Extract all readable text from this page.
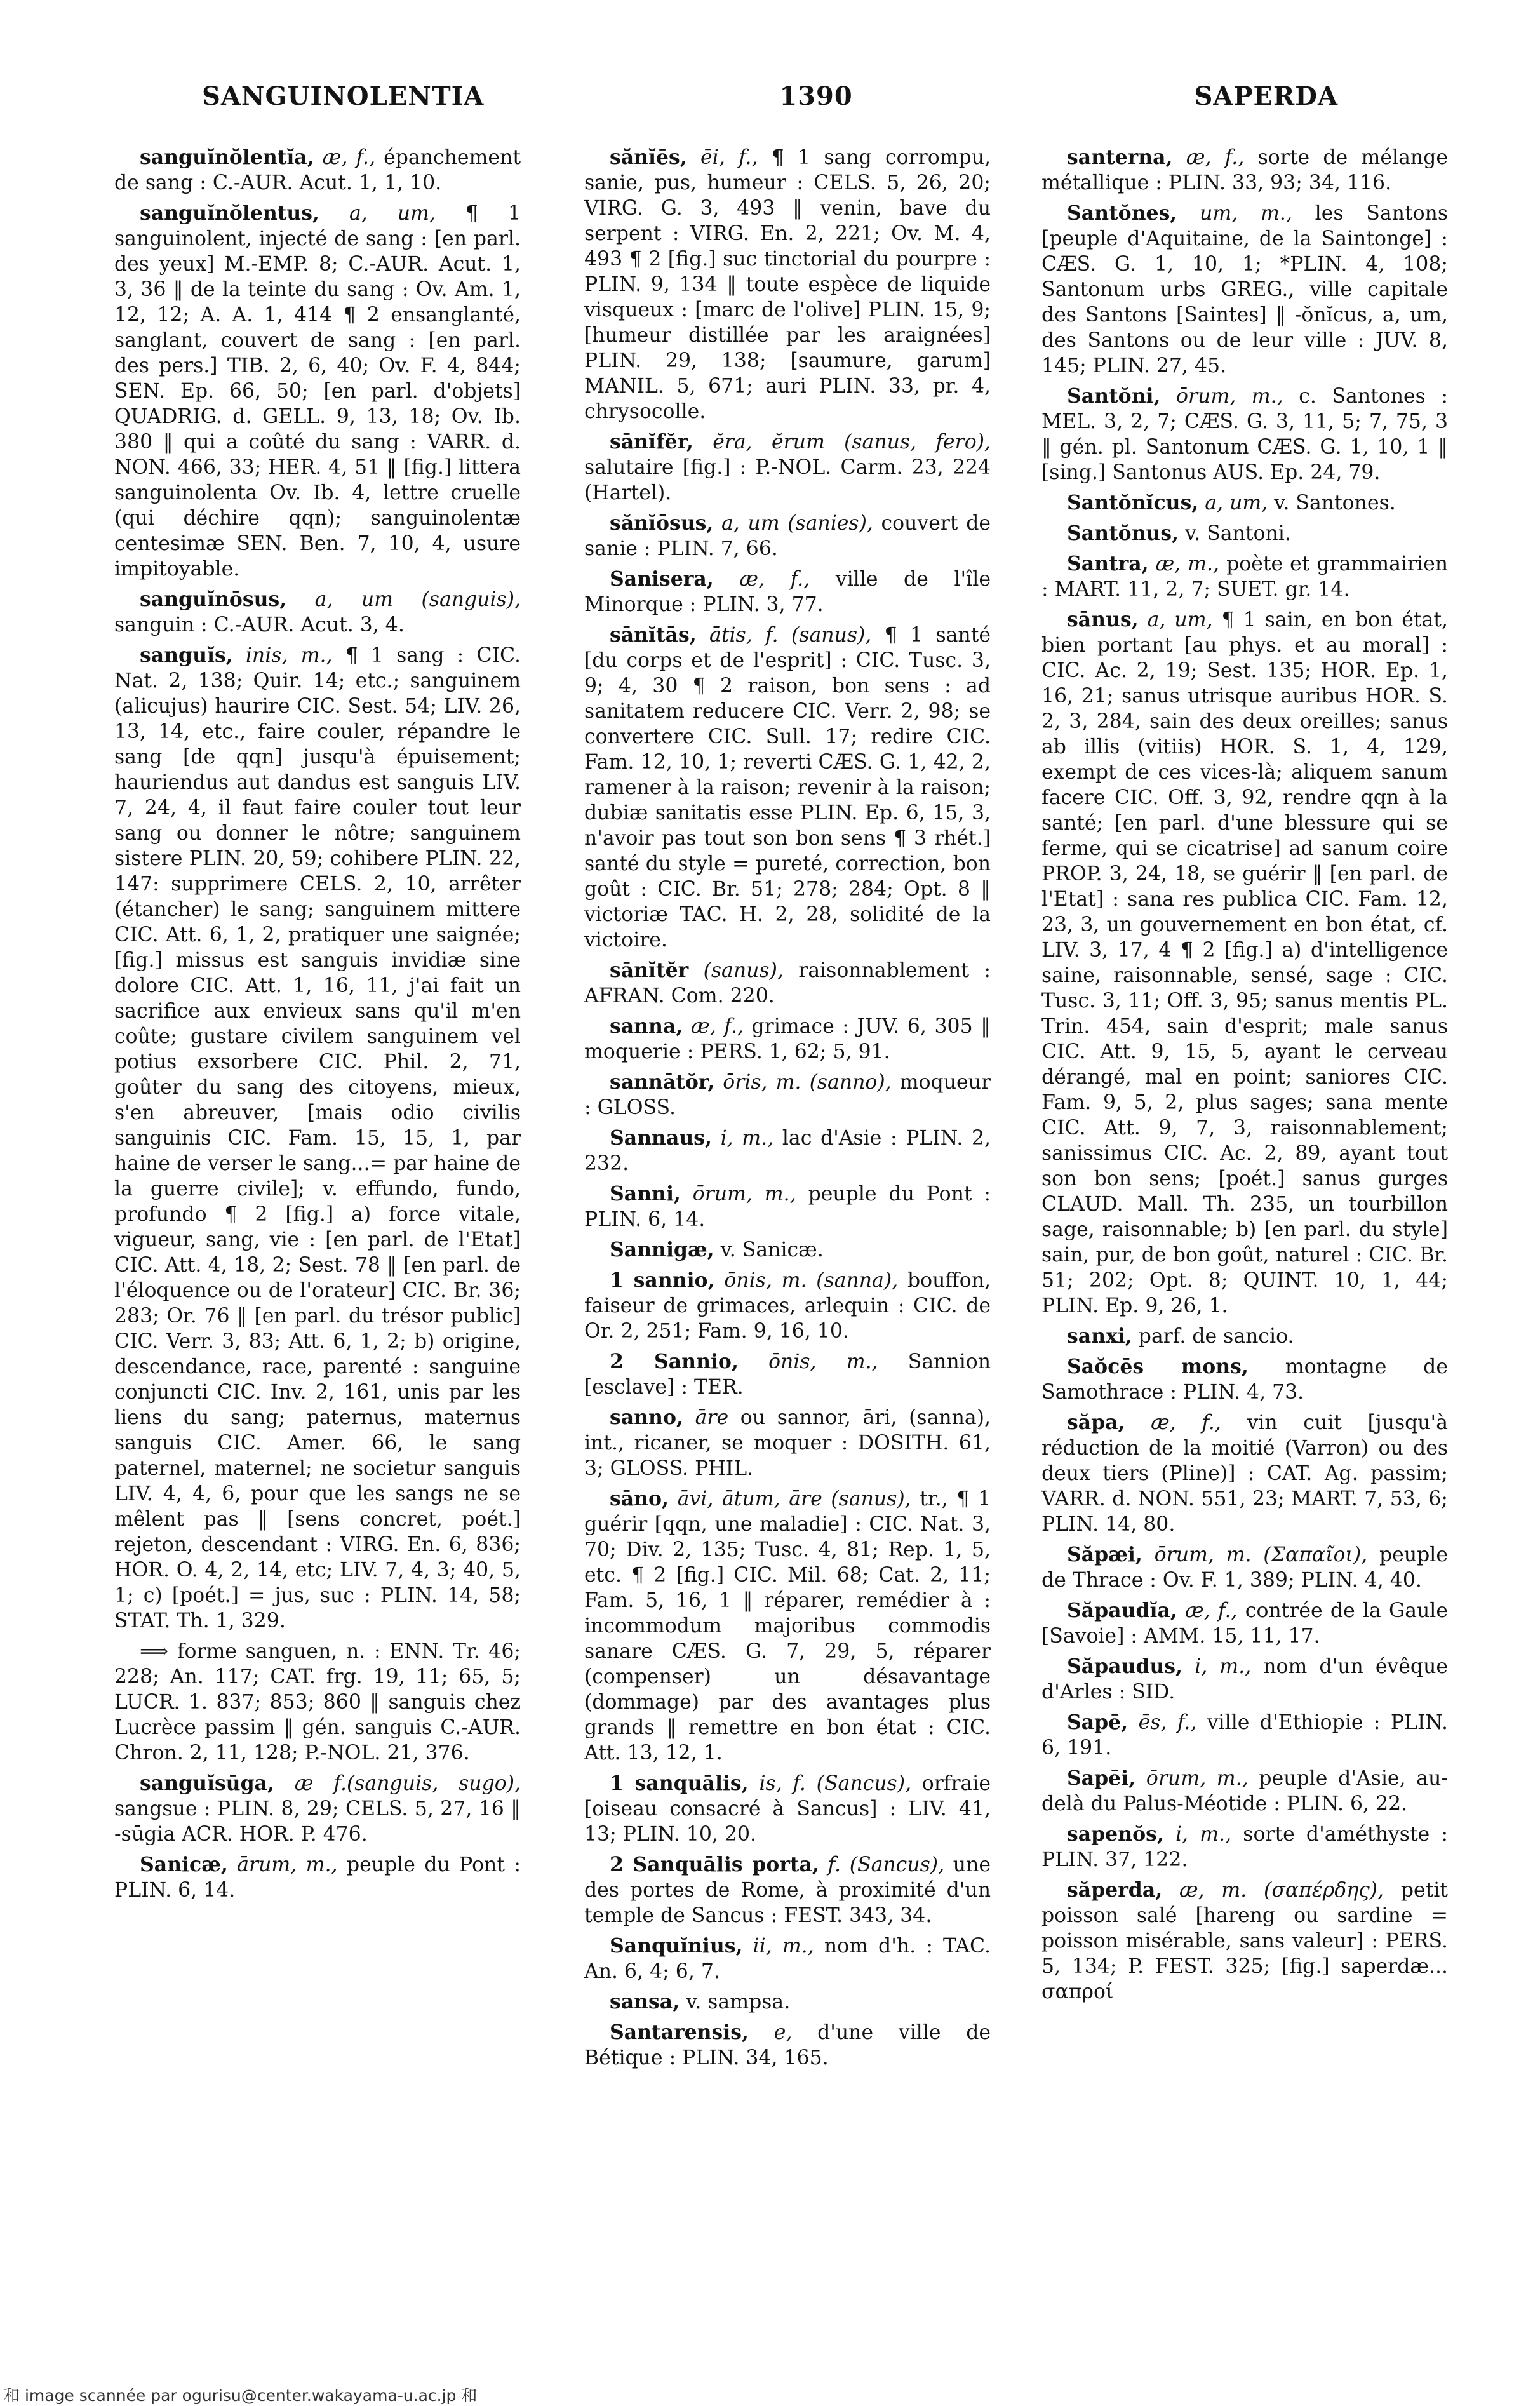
SANGUINOLENTIA	1390	SAPERDA

sanguĭnŏlentĭa, æ, f., épanchement de sang : C.-AUR. Acut. 1, 1, 10.

sanguĭnŏlentus, a, um, ¶ 1 sanguinolent, injecté de sang : [en parl. des yeux] M.-EMP. 8; C.-AUR. Acut. 1, 3, 36 ‖ de la teinte du sang : Ov. Am. 1, 12, 12; A. A. 1, 414 ¶ 2 ensanglanté, sanglant, couvert de sang : [en parl. des pers.] TIB. 2, 6, 40; Ov. F. 4, 844; SEN. Ep. 66, 50; [en parl. d'objets] QUADRIG. d. GELL. 9, 13, 18; Ov. Ib. 380 ‖ qui a coûté du sang : VARR. d. NON. 466, 33; HER. 4, 51 ‖ [fig.] littera sanguinolenta Ov. Ib. 4, lettre cruelle (qui déchire qqn); sanguinolentæ centesimæ SEN. Ben. 7, 10, 4, usure impitoyable.

sanguĭnōsus, a, um (sanguis), sanguin : C.-AUR. Acut. 3, 4.

sanguĭs, inis, m., ¶ 1 sang : CIC. Nat. 2, 138; Quir. 14; etc.; sanguinem (alicujus) haurire CIC. Sest. 54; LIV. 26, 13, 14, etc., faire couler, répandre le sang [de qqn] jusqu'à épuisement; hauriendus aut dandus est sanguis LIV. 7, 24, 4, il faut faire couler tout leur sang ou donner le nôtre; sanguinem sistere PLIN. 20, 59; cohibere PLIN. 22, 147: supprimere CELS. 2, 10, arrêter (étancher) le sang; sanguinem mittere CIC. Att. 6, 1, 2, pratiquer une saignée; [fig.] missus est sanguis invidiæ sine dolore CIC. Att. 1, 16, 11, j'ai fait un sacrifice aux envieux sans qu'il m'en coûte; gustare civilem sanguinem vel potius exsorbere CIC. Phil. 2, 71, goûter du sang des citoyens, mieux, s'en abreuver, [mais odio civilis sanguinis CIC. Fam. 15, 15, 1, par haine de verser le sang...= par haine de la guerre civile]; v. effundo, fundo, profundo ¶ 2 [fig.] a) force vitale, vigueur, sang, vie : [en parl. de l'Etat] CIC. Att. 4, 18, 2; Sest. 78 ‖ [en parl. de l'éloquence ou de l'orateur] CIC. Br. 36; 283; Or. 76 ‖ [en parl. du trésor public] CIC. Verr. 3, 83; Att. 6, 1, 2; b) origine, descendance, race, parenté : sanguine conjuncti CIC. Inv. 2, 161, unis par les liens du sang; paternus, maternus sanguis CIC. Amer. 66, le sang paternel, maternel; ne societur sanguis LIV. 4, 4, 6, pour que les sangs ne se mêlent pas ‖ [sens concret, poét.] rejeton, descendant : VIRG. En. 6, 836; HOR. O. 4, 2, 14, etc; LIV. 7, 4, 3; 40, 5, 1; c) [poét.] = jus, suc : PLIN. 14, 58; STAT. Th. 1, 329.

⟹ forme sanguen, n. : ENN. Tr. 46; 228; An. 117; CAT. frg. 19, 11; 65, 5; LUCR. 1. 837; 853; 860 ‖ sanguis chez Lucrèce passim ‖ gén. sanguis C.-AUR. Chron. 2, 11, 128; P.-NOL. 21, 376.

sanguĭsūga, æ f.(sanguis, sugo), sangsue : PLIN. 8, 29; CELS. 5, 27, 16 ‖ -sūgia ACR. HOR. P. 476.

Sanicæ, ārum, m., peuple du Pont : PLIN. 6, 14.

sănĭēs, ēi, f., ¶ 1 sang corrompu, sanie, pus, humeur : CELS. 5, 26, 20; VIRG. G. 3, 493 ‖ venin, bave du serpent : VIRG. En. 2, 221; Ov. M. 4, 493 ¶ 2 [fig.] suc tinctorial du pourpre : PLIN. 9, 134 ‖ toute espèce de liquide visqueux : [marc de l'olive] PLIN. 15, 9; [humeur distillée par les araignées] PLIN. 29, 138; [saumure, garum] MANIL. 5, 671; auri PLIN. 33, pr. 4, chrysocolle.

sānĭfĕr, ĕra, ĕrum (sanus, fero), salutaire [fig.] : P.-NOL. Carm. 23, 224 (Hartel).

sănĭōsus, a, um (sanies), couvert de sanie : PLIN. 7, 66.

Sanisera, æ, f., ville de l'île Minorque : PLIN. 3, 77.

sānĭtās, ātis, f. (sanus), ¶ 1 santé [du corps et de l'esprit] : CIC. Tusc. 3, 9; 4, 30 ¶ 2 raison, bon sens : ad sanitatem reducere CIC. Verr. 2, 98; se convertere CIC. Sull. 17; redire CIC. Fam. 12, 10, 1; reverti CÆS. G. 1, 42, 2, ramener à la raison; revenir à la raison; dubiæ sanitatis esse PLIN. Ep. 6, 15, 3, n'avoir pas tout son bon sens ¶ 3 rhét.] santé du style = pureté, correction, bon goût : CIC. Br. 51; 278; 284; Opt. 8 ‖ victoriæ TAC. H. 2, 28, solidité de la victoire.

sānĭtĕr (sanus), raisonnablement : AFRAN. Com. 220.

sanna, æ, f., grimace : JUV. 6, 305 ‖ moquerie : PERS. 1, 62; 5, 91.

sannātŏr, ōris, m. (sanno), moqueur : GLOSS.

Sannaus, i, m., lac d'Asie : PLIN. 2, 232.

Sanni, ōrum, m., peuple du Pont : PLIN. 6, 14.

Sannigæ, v. Sanicæ.

1 sannio, ōnis, m. (sanna), bouffon, faiseur de grimaces, arlequin : CIC. de Or. 2, 251; Fam. 9, 16, 10.

2 Sannio, ōnis, m., Sannion [esclave] : TER.

sanno, āre ou sannor, āri, (sanna), int., ricaner, se moquer : DOSITH. 61, 3; GLOSS. PHIL.

sāno, āvi, ātum, āre (sanus), tr., ¶ 1 guérir [qqn, une maladie] : CIC. Nat. 3, 70; Div. 2, 135; Tusc. 4, 81; Rep. 1, 5, etc. ¶ 2 [fig.] CIC. Mil. 68; Cat. 2, 11; Fam. 5, 16, 1 ‖ réparer, remédier à : incommodum majoribus commodis sanare CÆS. G. 7, 29, 5, réparer (compenser) un désavantage (dommage) par des avantages plus grands ‖ remettre en bon état : CIC. Att. 13, 12, 1.

1 sanquālis, is, f. (Sancus), orfraie [oiseau consacré à Sancus] : LIV. 41, 13; PLIN. 10, 20.

2 Sanquālis porta, f. (Sancus), une des portes de Rome, à proximité d'un temple de Sancus : FEST. 343, 34.

Sanquĭnius, ii, m., nom d'h. : TAC. An. 6, 4; 6, 7.

sansa, v. sampsa.

Santarensis, e, d'une ville de Bétique : PLIN. 34, 165.

santerna, æ, f., sorte de mélange métallique : PLIN. 33, 93; 34, 116.

Santŏnes, um, m., les Santons [peuple d'Aquitaine, de la Saintonge] : CÆS. G. 1, 10, 1; *PLIN. 4, 108; Santonum urbs GREG., ville capitale des Santons [Saintes] ‖ -ŏnĭcus, a, um, des Santons ou de leur ville : JUV. 8, 145; PLIN. 27, 45.

Santŏni, ōrum, m., c. Santones : MEL. 3, 2, 7; CÆS. G. 3, 11, 5; 7, 75, 3 ‖ gén. pl. Santonum CÆS. G. 1, 10, 1 ‖ [sing.] Santonus AUS. Ep. 24, 79.

Santŏnĭcus, a, um, v. Santones.

Santŏnus, v. Santoni.

Santra, æ, m., poète et grammairien : MART. 11, 2, 7; SUET. gr. 14.

sānus, a, um, ¶ 1 sain, en bon état, bien portant [au phys. et au moral] : CIC. Ac. 2, 19; Sest. 135; HOR. Ep. 1, 16, 21; sanus utrisque auribus HOR. S. 2, 3, 284, sain des deux oreilles; sanus ab illis (vitiis) HOR. S. 1, 4, 129, exempt de ces vices-là; aliquem sanum facere CIC. Off. 3, 92, rendre qqn à la santé; [en parl. d'une blessure qui se ferme, qui se cicatrise] ad sanum coire PROP. 3, 24, 18, se guérir ‖ [en parl. de l'Etat] : sana res publica CIC. Fam. 12, 23, 3, un gouvernement en bon état, cf. LIV. 3, 17, 4 ¶ 2 [fig.] a) d'intelligence saine, raisonnable, sensé, sage : CIC. Tusc. 3, 11; Off. 3, 95; sanus mentis PL. Trin. 454, sain d'esprit; male sanus CIC. Att. 9, 15, 5, ayant le cerveau dérangé, mal en point; saniores CIC. Fam. 9, 5, 2, plus sages; sana mente CIC. Att. 9, 7, 3, raisonnablement; sanissimus CIC. Ac. 2, 89, ayant tout son bon sens; [poét.] sanus gurges CLAUD. Mall. Th. 235, un tourbillon sage, raisonnable; b) [en parl. du style] sain, pur, de bon goût, naturel : CIC. Br. 51; 202; Opt. 8; QUINT. 10, 1, 44; PLIN. Ep. 9, 26, 1.

sanxi, parf. de sancio.

Saŏcēs mons, montagne de Samothrace : PLIN. 4, 73.

săpa, æ, f., vin cuit [jusqu'à réduction de la moitié (Varron) ou des deux tiers (Pline)] : CAT. Ag. passim; VARR. d. NON. 551, 23; MART. 7, 53, 6; PLIN. 14, 80.

Săpæi, ōrum, m. (Σαπαῖοι), peuple de Thrace : Ov. F. 1, 389; PLIN. 4, 40.

Săpaudĭa, æ, f., contrée de la Gaule [Savoie] : AMM. 15, 11, 17.

Săpaudus, i, m., nom d'un évêque d'Arles : SID.

Sapē, ēs, f., ville d'Ethiopie : PLIN. 6, 191.

Sapēi, ōrum, m., peuple d'Asie, au-delà du Palus-Méotide : PLIN. 6, 22.

sapenŏs, i, m., sorte d'améthyste : PLIN. 37, 122.

săperda, æ, m. (σαπέρδης), petit poisson salé [hareng ou sardine = poisson misérable, sans valeur] : PERS. 5, 134; P. FEST. 325; [fig.] saperdæ... σαπροί

和 image scannée par ogurisu@center.wakayama-u.ac.jp 和
